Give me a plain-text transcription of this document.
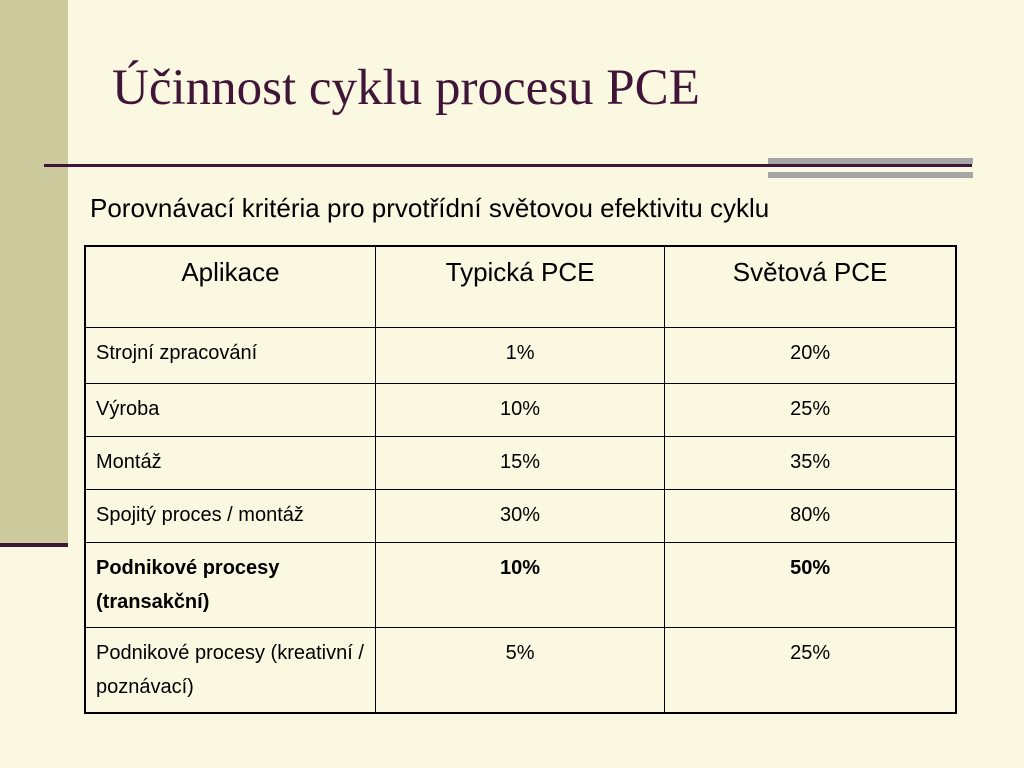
Účinnost cyklu procesu PCE
Porovnávací kritéria pro prvotřídní světovou efektivitu cyklu
Aplikace	Typická PCE	Světová PCE
Strojní zpracování	1%	20%
Výroba	10%	25%
Montáž	15%	35%
Spojitý proces / montáž	30%	80%
Podnikové procesy (transakční)	10%	50%
Podnikové procesy (kreativní / poznávací)	5%	25%
